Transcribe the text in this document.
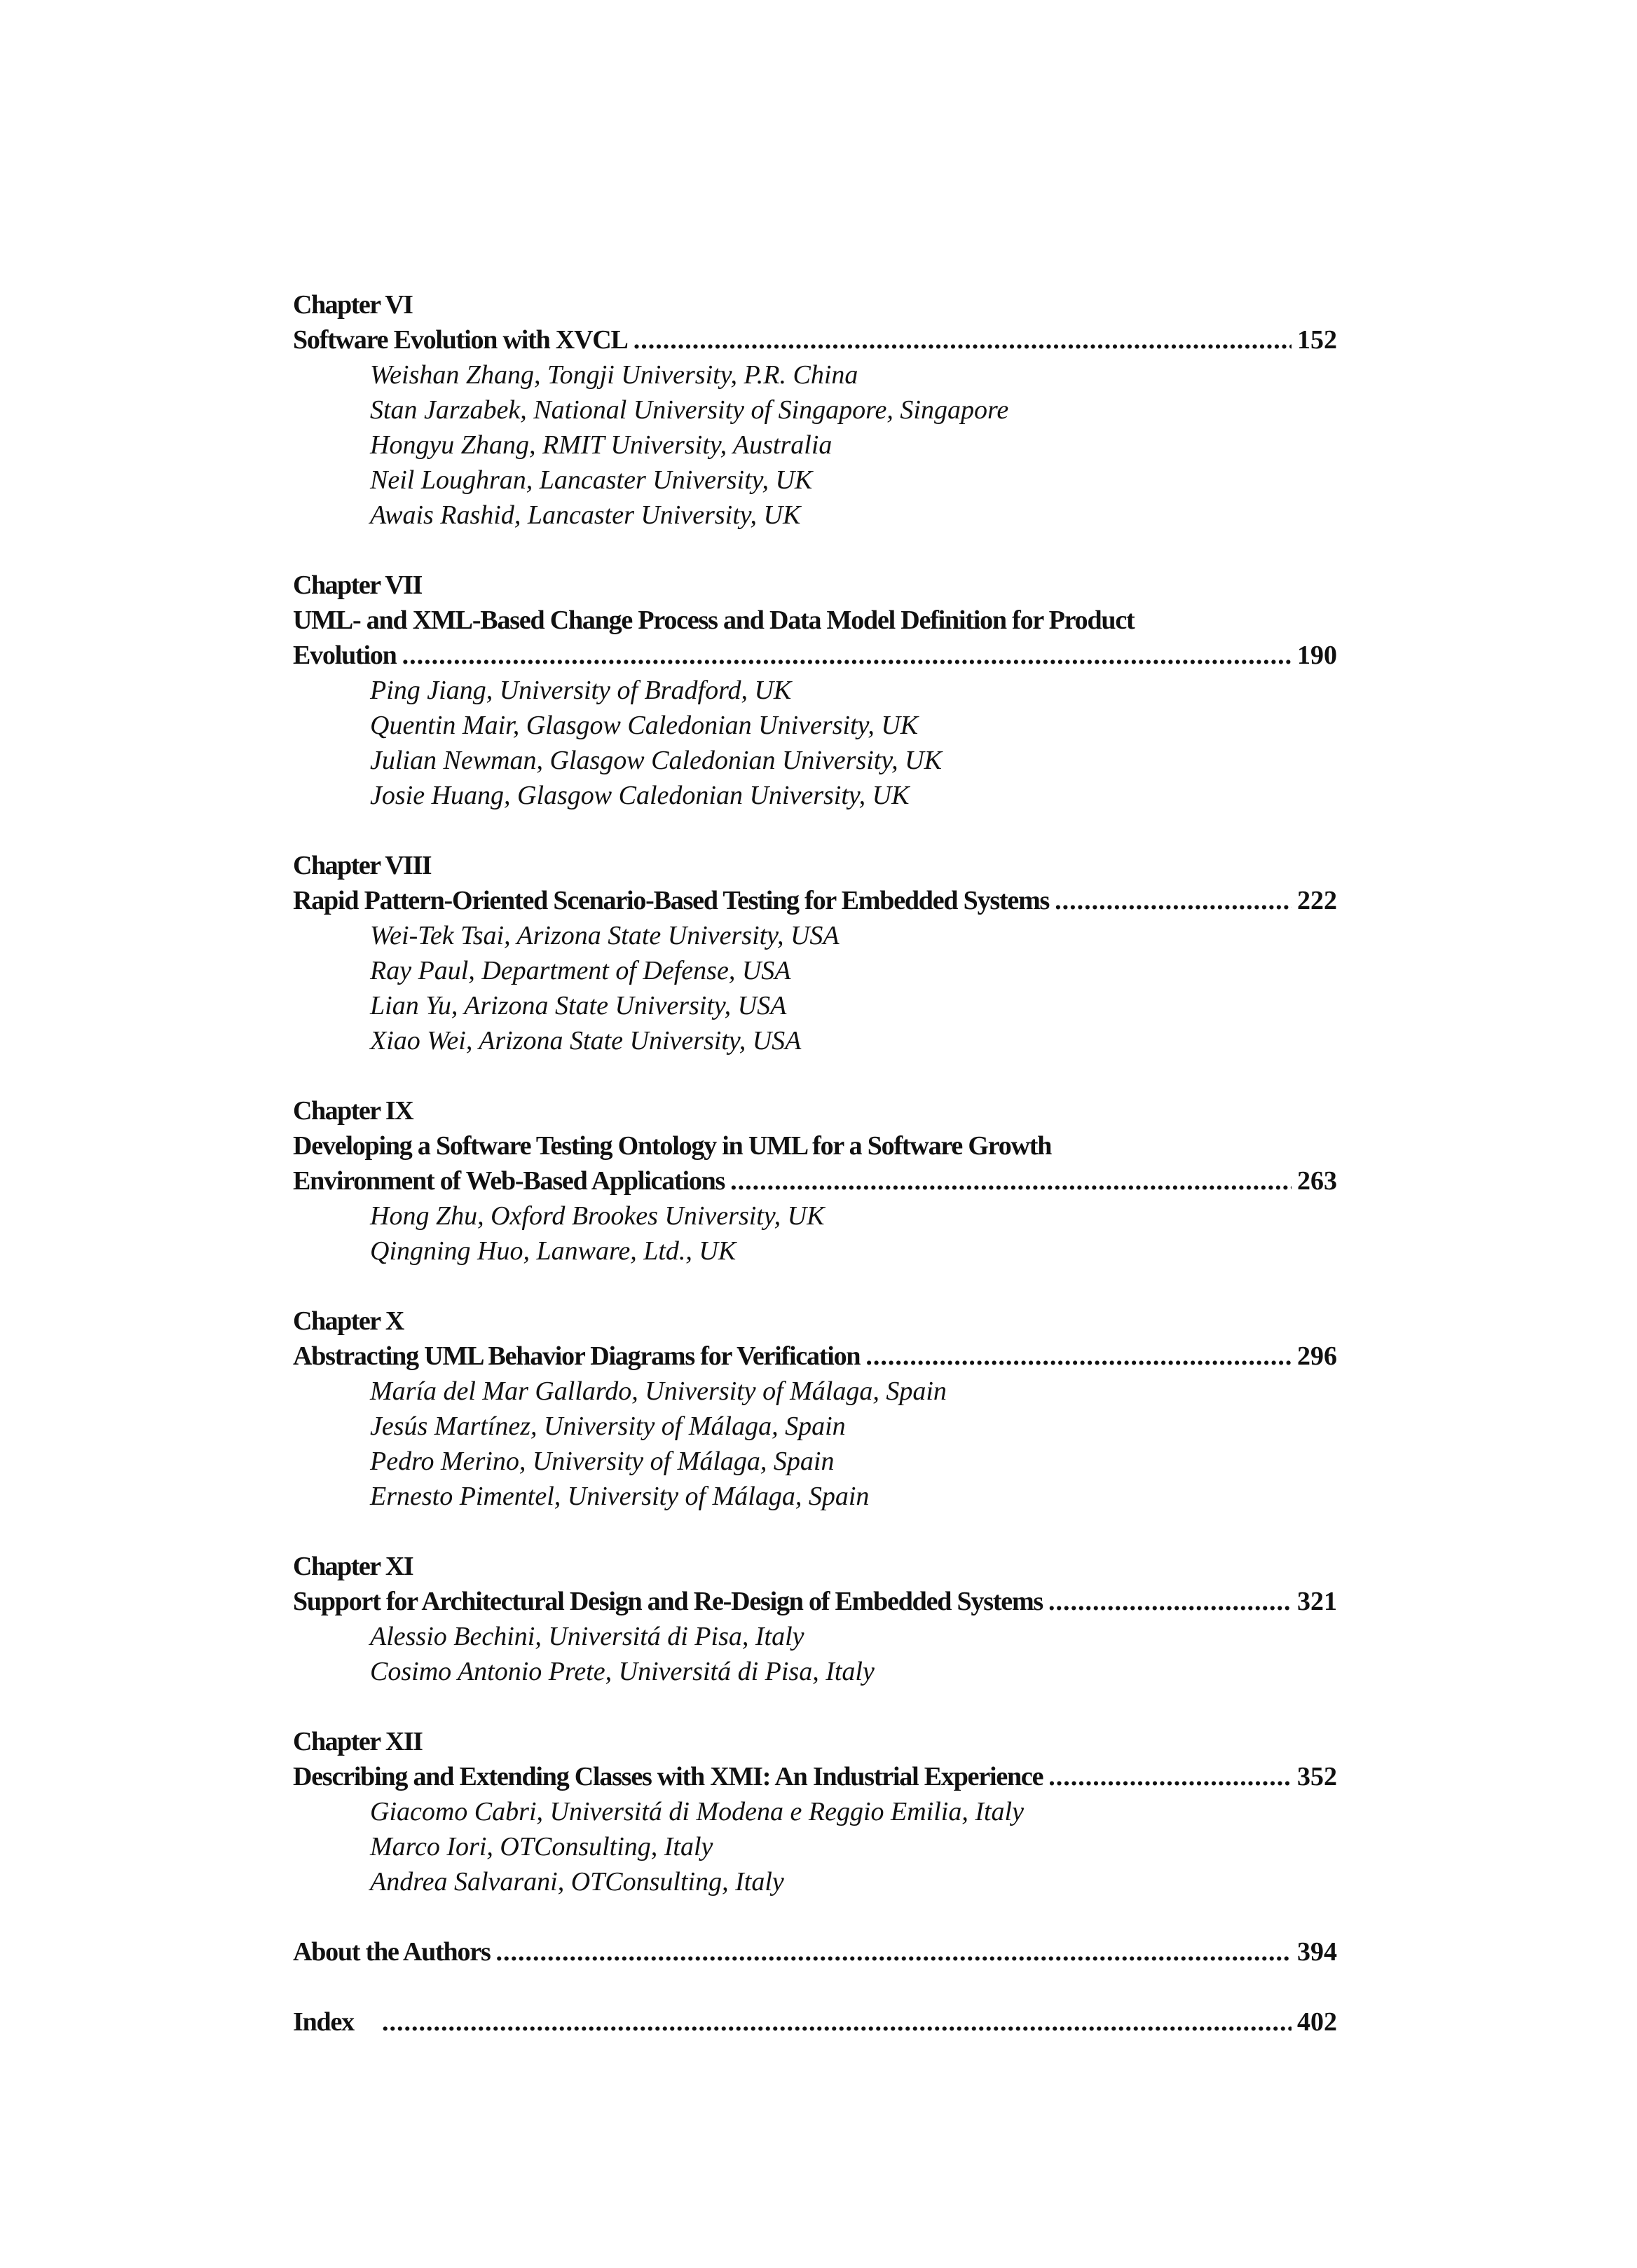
Chapter VI
Software Evolution with XVCL .....	152
Weishan Zhang, Tongji University, P.R. China
Stan Jarzabek, National University of Singapore, Singapore
Hongyu Zhang, RMIT University, Australia
Neil Loughran, Lancaster University, UK
Awais Rashid, Lancaster University, UK
Chapter VII
UML- and XML-Based Change Process and Data Model Definition for Product
Evolution .....	190
Ping Jiang, University of Bradford, UK
Quentin Mair, Glasgow Caledonian University, UK
Julian Newman, Glasgow Caledonian University, UK
Josie Huang, Glasgow Caledonian University, UK
Chapter VIII
Rapid Pattern-Oriented Scenario-Based Testing for Embedded Systems .....	222
Wei-Tek Tsai, Arizona State University, USA
Ray Paul, Department of Defense, USA
Lian Yu, Arizona State University, USA
Xiao Wei, Arizona State University, USA
Chapter IX
Developing a Software Testing Ontology in UML for a Software Growth
Environment of Web-Based Applications .....	263
Hong Zhu, Oxford Brookes University, UK
Qingning Huo, Lanware, Ltd., UK
Chapter X
Abstracting UML Behavior Diagrams for Verification .....	296
María del Mar Gallardo, University of Málaga, Spain
Jesús Martínez, University of Málaga, Spain
Pedro Merino, University of Málaga, Spain
Ernesto Pimentel, University of Málaga, Spain
Chapter XI
Support for Architectural Design and Re-Design of Embedded Systems .....	321
Alessio Bechini, Universitá di Pisa, Italy
Cosimo Antonio Prete, Universitá di Pisa, Italy
Chapter XII
Describing and Extending Classes with XMI: An Industrial Experience .....	352
Giacomo Cabri, Universitá di Modena e Reggio Emilia, Italy
Marco Iori, OTConsulting, Italy
Andrea Salvarani, OTConsulting, Italy
About the Authors .....	394
Index .....	402
